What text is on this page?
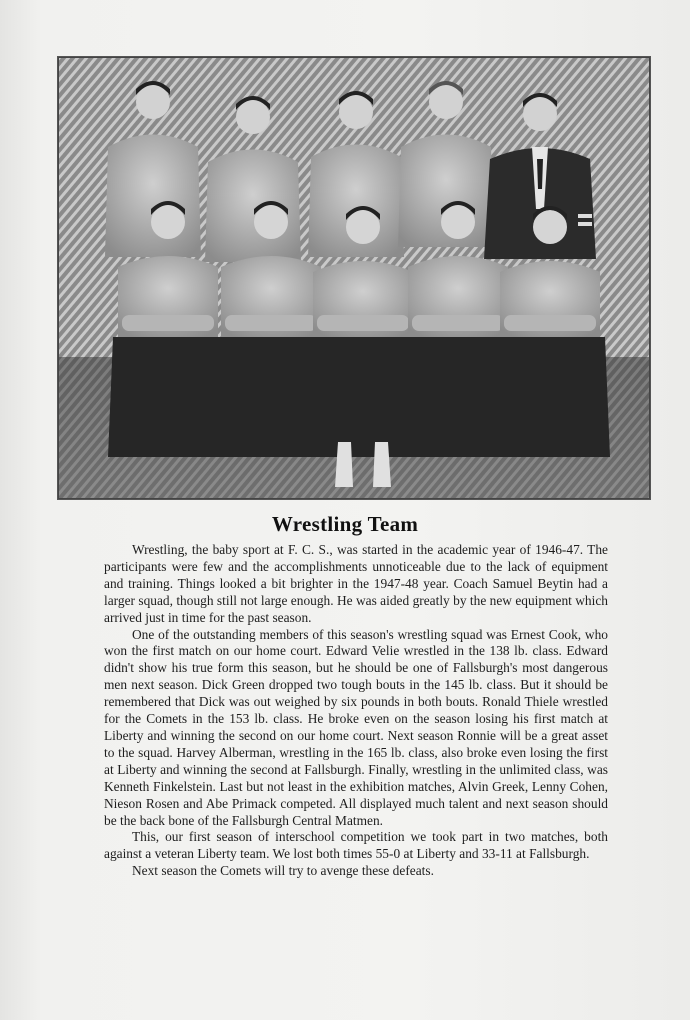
Wrestling Team

Wrestling, the baby sport at F. C. S., was started in the academic year of 1946-47. The participants were few and the accomplishments unnoticeable due to the lack of equipment and training. Things looked a bit brighter in the 1947-48 year. Coach Samuel Beytin had a larger squad, though still not large enough. He was aided greatly by the new equipment which arrived just in time for the past season.

One of the outstanding members of this season's wrestling squad was Ernest Cook, who won the first match on our home court. Edward Velie wrestled in the 138 lb. class. Edward didn't show his true form this season, but he should be one of Fallsburgh's most dangerous men next season. Dick Green dropped two tough bouts in the 145 lb. class. But it should be remembered that Dick was out weighed by six pounds in both bouts. Ronald Thiele wrestled for the Comets in the 153 lb. class. He broke even on the season losing his first match at Liberty and winning the second on our home court. Next season Ronnie will be a great asset to the squad. Harvey Alberman, wrestling in the 165 lb. class, also broke even losing the first at Liberty and winning the second at Fallsburgh. Finally, wrestling in the unlimited class, was Kenneth Finkelstein. Last but not least in the exhibition matches, Alvin Greek, Lenny Cohen, Nieson Rosen and Abe Primack competed. All displayed much talent and next season should be the back bone of the Fallsburgh Central Matmen.

This, our first season of interschool competition we took part in two matches, both against a veteran Liberty team. We lost both times 55-0 at Liberty and 33-11 at Fallsburgh.

Next season the Comets will try to avenge these defeats.
